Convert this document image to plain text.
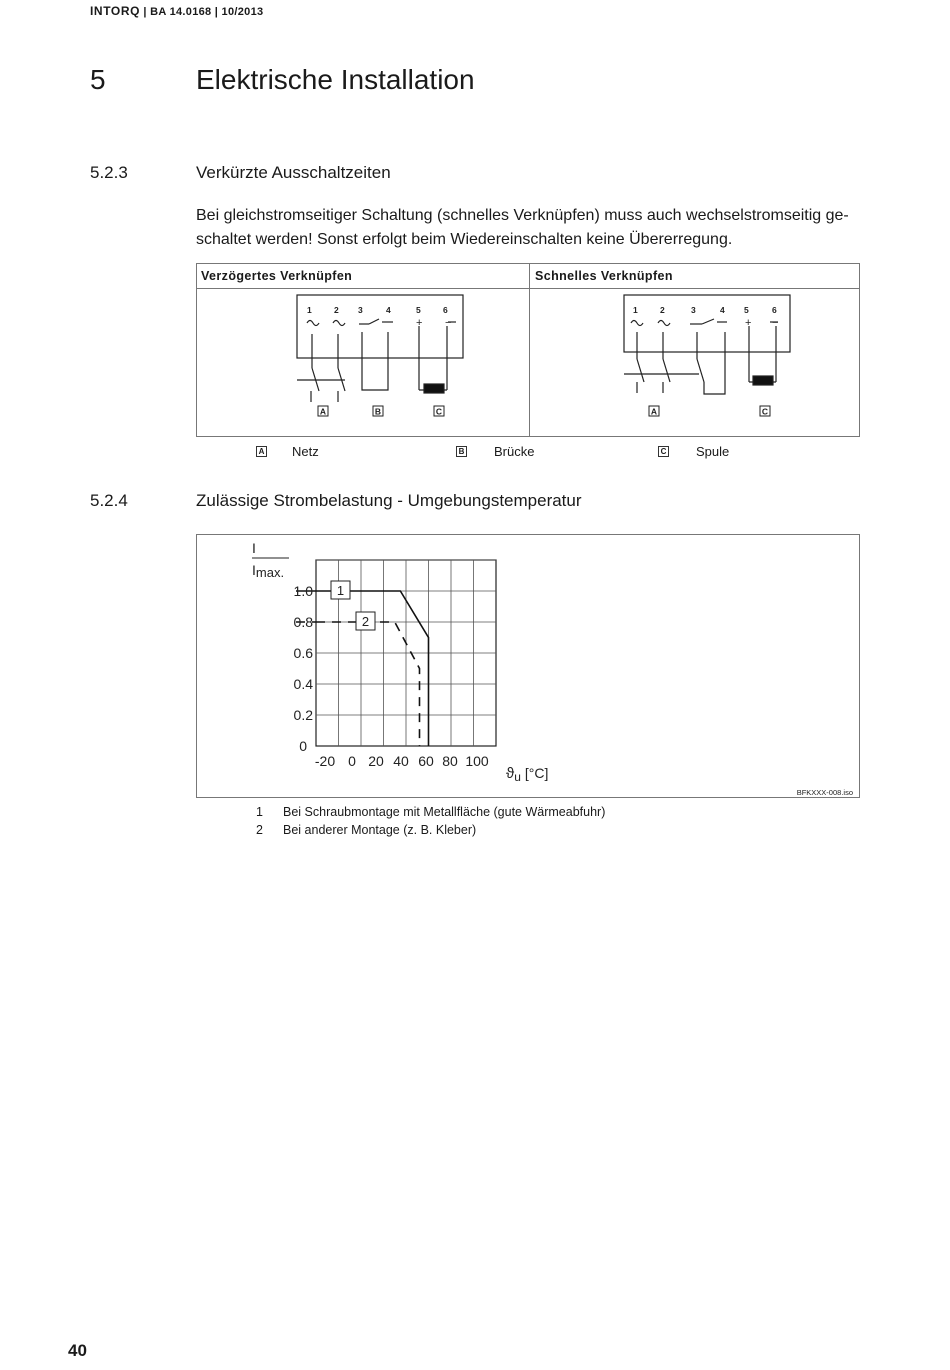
INTORQ | BA 14.0168 | 10/2013
5	Elektrische Installation
5.2.3	Verkürzte Ausschaltzeiten
Bei gleichstromseitiger Schaltung (schnelles Verknüpfen) muss auch wechselstromseitig geschaltet werden! Sonst erfolgt beim Wiedereinschalten keine Übererregung.
Verzögertes Verknüpfen	Schnelles Verknüpfen
1	2 3	4	5	6
+ −
1	2	3	4 5	6
+ −
A	B	C	A	C
A Netz	B Brücke	C Spule
5.2.4	Zulässige Strombelastung - Umgebungstemperatur
0
0.2
0.4
0.6
0.8
1.0
-20 0 20 40 60 80 100
I
Imax.
$ϑ_u$ [°C]
1
2
BFKXXX-008.iso
1 Bei Schraubmontage mit Metallfläche (gute Wärmeabfuhr)
2 Bei anderer Montage (z. B. Kleber)
40
